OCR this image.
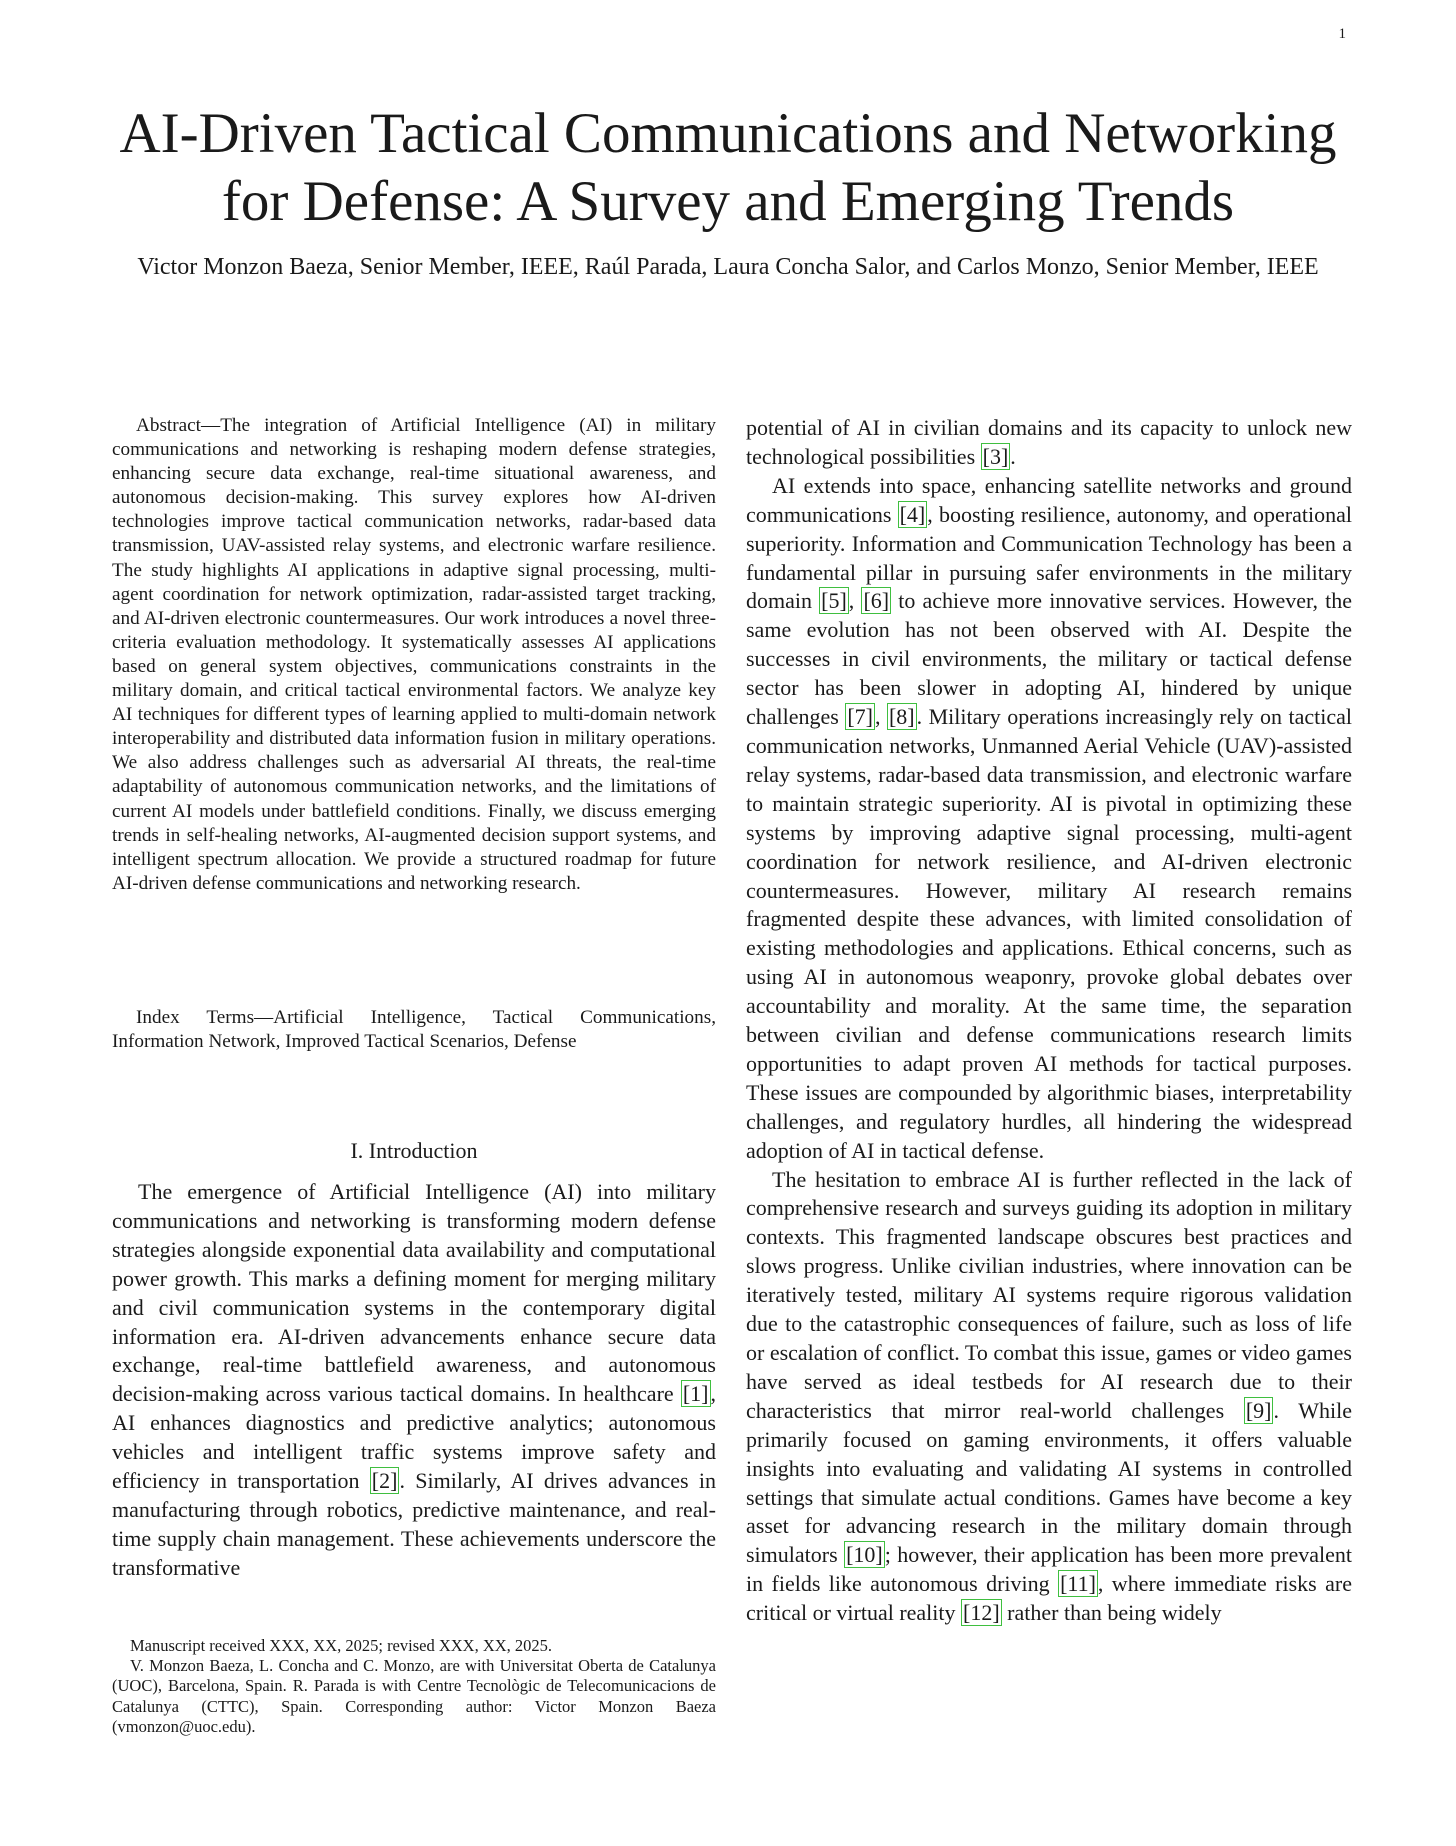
1
AI-Driven Tactical Communications and Networking for Defense: A Survey and Emerging Trends
Victor Monzon Baeza, Senior Member, IEEE, Raúl Parada, Laura Concha Salor, and Carlos Monzo, Senior Member, IEEE

Abstract—The integration of Artificial Intelligence (AI) in military communications and networking is reshaping modern defense strategies, enhancing secure data exchange, real-time situational awareness, and autonomous decision-making. This survey explores how AI-driven technologies improve tactical communication networks, radar-based data transmission, UAV-assisted relay systems, and electronic warfare resilience. The study highlights AI applications in adaptive signal processing, multi-agent coordination for network optimization, radar-assisted target tracking, and AI-driven electronic countermeasures. Our work introduces a novel three-criteria evaluation methodology. It systematically assesses AI applications based on general system objectives, communications constraints in the military domain, and critical tactical environmental factors. We analyze key AI techniques for different types of learning applied to multi-domain network interoperability and distributed data information fusion in military operations. We also address challenges such as adversarial AI threats, the real-time adaptability of autonomous communication networks, and the limitations of current AI models under battlefield conditions. Finally, we discuss emerging trends in self-healing networks, AI-augmented decision support systems, and intelligent spectrum allocation. We provide a structured roadmap for future AI-driven defense communications and networking research.

Index Terms—Artificial Intelligence, Tactical Communications, Information Network, Improved Tactical Scenarios, Defense

I. Introduction

The emergence of Artificial Intelligence (AI) into military communications and networking is transforming modern defense strategies alongside exponential data availability and computational power growth. This marks a defining moment for merging military and civil communication systems in the contemporary digital information era. AI-driven advancements enhance secure data exchange, real-time battlefield awareness, and autonomous decision-making across various tactical domains. In healthcare [1], AI enhances diagnostics and predictive analytics; autonomous vehicles and intelligent traffic systems improve safety and efficiency in transportation [2]. Similarly, AI drives advances in manufacturing through robotics, predictive maintenance, and real-time supply chain management. These achievements underscore the transformative

Manuscript received XXX, XX, 2025; revised XXX, XX, 2025.

V. Monzon Baeza, L. Concha and C. Monzo, are with Universitat Oberta de Catalunya (UOC), Barcelona, Spain. R. Parada is with Centre Tecnològic de Telecomunicacions de Catalunya (CTTC), Spain. Corresponding author: Victor Monzon Baeza (vmonzon@uoc.edu).

potential of AI in civilian domains and its capacity to unlock new technological possibilities [3].

AI extends into space, enhancing satellite networks and ground communications [4], boosting resilience, autonomy, and operational superiority. Information and Communication Technology has been a fundamental pillar in pursuing safer environments in the military domain [5], [6] to achieve more innovative services. However, the same evolution has not been observed with AI. Despite the successes in civil environments, the military or tactical defense sector has been slower in adopting AI, hindered by unique challenges [7], [8]. Military operations increasingly rely on tactical communication networks, Unmanned Aerial Vehicle (UAV)-assisted relay systems, radar-based data transmission, and electronic warfare to maintain strategic superiority. AI is pivotal in optimizing these systems by improving adaptive signal processing, multi-agent coordination for network resilience, and AI-driven electronic countermeasures. However, military AI research remains fragmented despite these advances, with limited consolidation of existing methodologies and applications. Ethical concerns, such as using AI in autonomous weaponry, provoke global debates over accountability and morality. At the same time, the separation between civilian and defense communications research limits opportunities to adapt proven AI methods for tactical purposes. These issues are compounded by algorithmic biases, interpretability challenges, and regulatory hurdles, all hindering the widespread adoption of AI in tactical defense.

The hesitation to embrace AI is further reflected in the lack of comprehensive research and surveys guiding its adoption in military contexts. This fragmented landscape obscures best practices and slows progress. Unlike civilian industries, where innovation can be iteratively tested, military AI systems require rigorous validation due to the catastrophic consequences of failure, such as loss of life or escalation of conflict. To combat this issue, games or video games have served as ideal testbeds for AI research due to their characteristics that mirror real-world challenges [9]. While primarily focused on gaming environments, it offers valuable insights into evaluating and validating AI systems in controlled settings that simulate actual conditions. Games have become a key asset for advancing research in the military domain through simulators [10]; however, their application has been more prevalent in fields like autonomous driving [11], where immediate risks are critical or virtual reality [12] rather than being widely
